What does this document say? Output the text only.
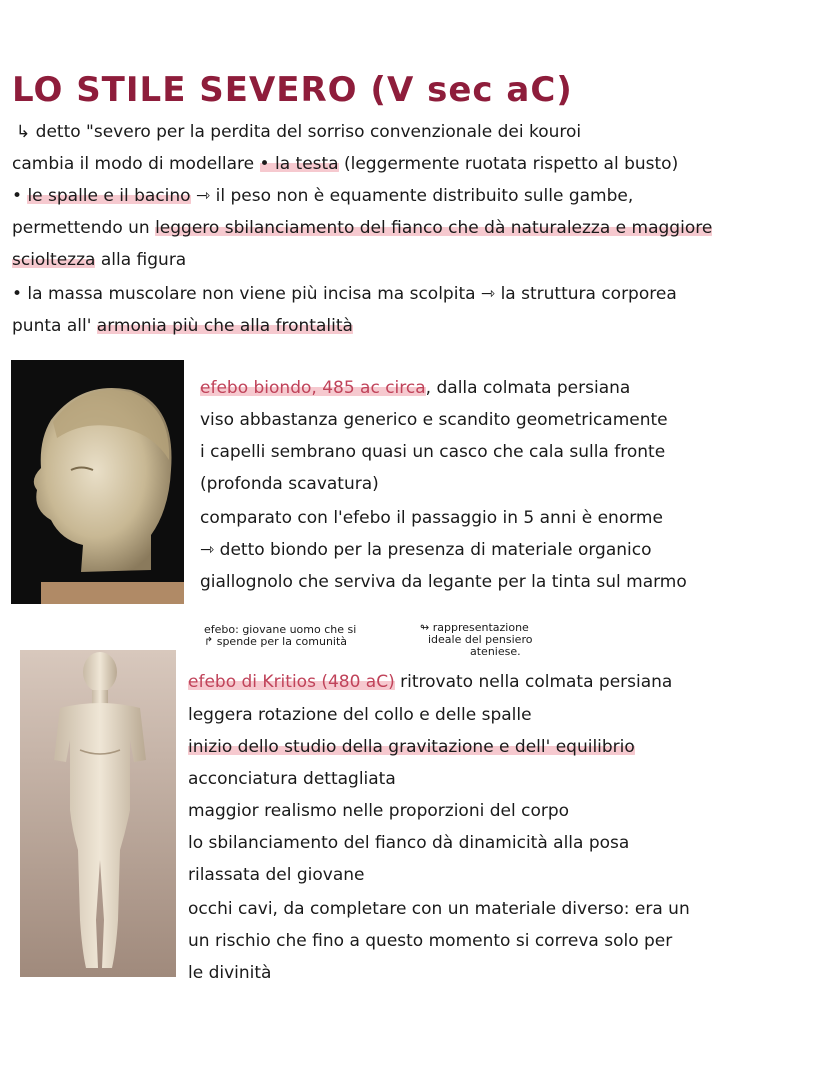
LO STILE SEVERO (V sec aC)
↳ detto "severo per la perdita del sorriso convenzionale dei kouroi
cambia il modo di modellare • la testa (leggermente ruotata rispetto al busto)
• le spalle e il bacino ⇾ il peso non è equamente distribuito sulle gambe,
permettendo un leggero sbilanciamento del fianco che dà naturalezza e maggiore
scioltezza alla figura
• la massa muscolare non viene più incisa ma scolpita ⇾ la struttura corporea
punta all' armonia più che alla frontalità
efebo biondo, 485 ac circa, dalla colmata persiana
viso abbastanza generico e scandito geometricamente
i capelli sembrano quasi un casco che cala sulla fronte
(profonda scavatura)
comparato con l'efebo il passaggio in 5 anni è enorme
⇾ detto biondo per la presenza di materiale organico
giallognolo che serviva da legante per la tinta sul marmo
efebo: giovane uomo che si
↱ spende per la comunità
↬ rappresentazione
ideale del pensiero
ateniese.
efebo di Kritios (480 aC) ritrovato nella colmata persiana
leggera rotazione del collo e delle spalle
inizio dello studio della gravitazione e dell' equilibrio
acconciatura dettagliata
maggior realismo nelle proporzioni del corpo
lo sbilanciamento del fianco dà dinamicità alla posa
rilassata del giovane
occhi cavi, da completare con un materiale diverso: era un
un rischio che fino a questo momento si correva solo per
le divinità
